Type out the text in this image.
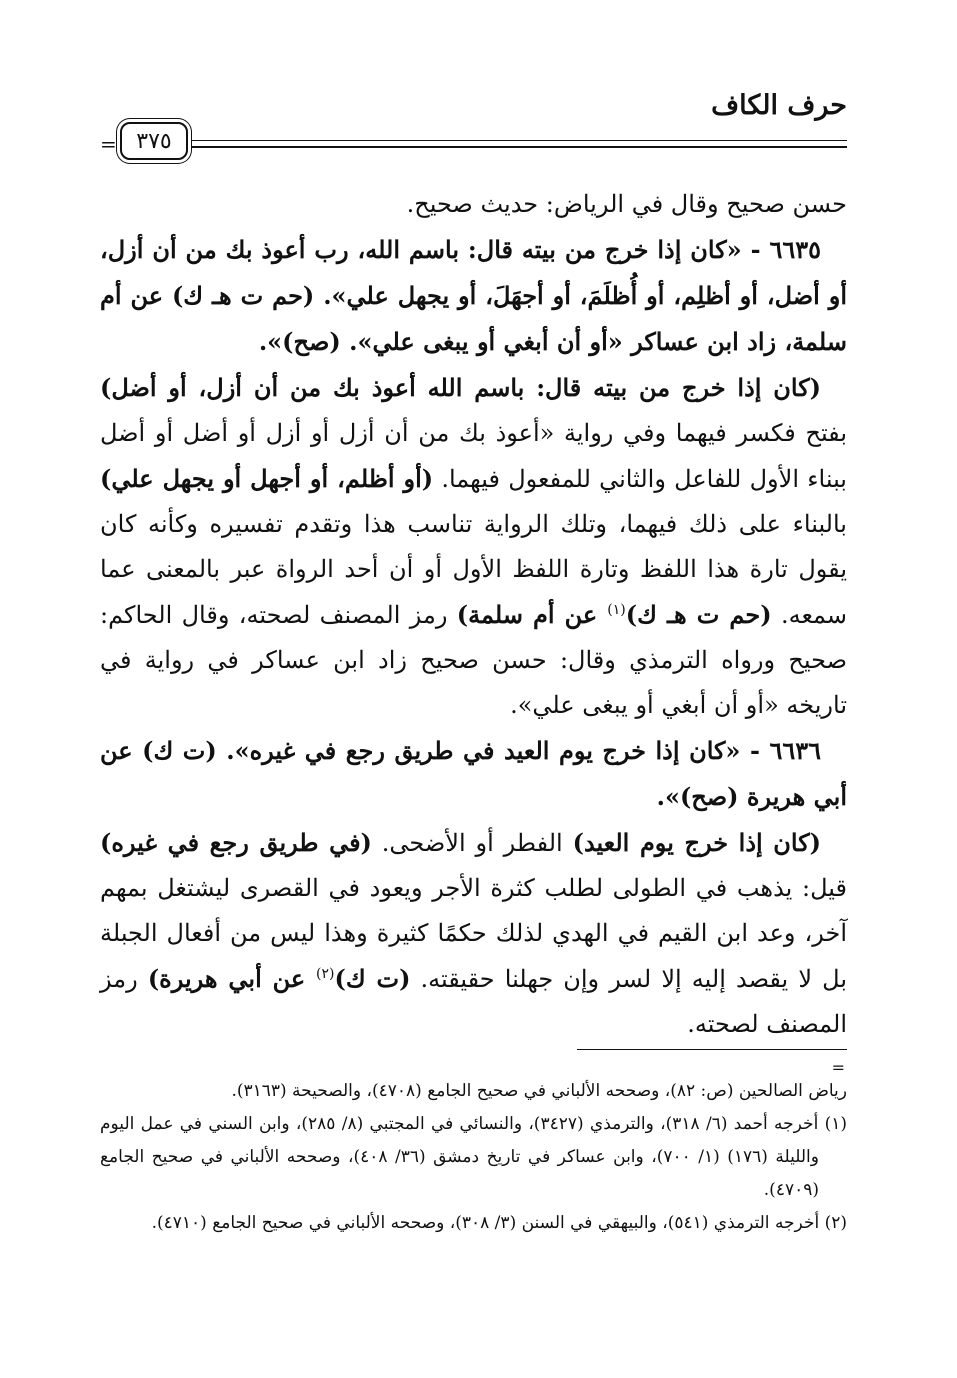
حرف الكاف
= ٣٧٥

حسن صحيح وقال في الرياض: حديث صحيح.

٦٦٣٥ - «كان إذا خرج من بيته قال: باسم الله، رب أعوذ بك من أن أزل، أو أضل، أو أظلِم، أو أُظلَمَ، أو أجهَلَ، أو يجهل علي». (حم ت هـ ك) عن أم سلمة، زاد ابن عساكر «أو أن أبغي أو يبغى علي». (صح)».

(كان إذا خرج من بيته قال: باسم الله أعوذ بك من أن أزل، أو أضل) بفتح فكسر فيهما وفي رواية «أعوذ بك من أن أزل أو أزل أو أضل أو أضل ببناء الأول للفاعل والثاني للمفعول فيهما. (أو أظلم، أو أجهل أو يجهل علي) بالبناء على ذلك فيهما، وتلك الرواية تناسب هذا وتقدم تفسيره وكأنه كان يقول تارة هذا اللفظ وتارة اللفظ الأول أو أن أحد الرواة عبر بالمعنى عما سمعه. (حم ت هـ ك)$^{(١)}$ عن أم سلمة) رمز المصنف لصحته، وقال الحاكم: صحيح ورواه الترمذي وقال: حسن صحيح زاد ابن عساكر في رواية في تاريخه «أو أن أبغي أو يبغى علي».

٦٦٣٦ - «كان إذا خرج يوم العيد في طريق رجع في غيره». (ت ك) عن أبي هريرة (صح)».

(كان إذا خرج يوم العيد) الفطر أو الأضحى. (في طريق رجع في غيره) قيل: يذهب في الطولى لطلب كثرة الأجر ويعود في القصرى ليشتغل بمهم آخر، وعد ابن القيم في الهدي لذلك حكمًا كثيرة وهذا ليس من أفعال الجبلة بل لا يقصد إليه إلا لسر وإن جهلنا حقيقته. (ت ك)$^{(٢)}$ عن أبي هريرة) رمز المصنف لصحته.

=

رياض الصالحين (ص: ٨٢)، وصححه الألباني في صحيح الجامع (٤٧٠٨)، والصحيحة (٣١٦٣).

(١) أخرجه أحمد (٦/ ٣١٨)، والترمذي (٣٤٢٧)، والنسائي في المجتبي (٨/ ٢٨٥)، وابن السني في عمل اليوم والليلة (١٧٦) (١/ ٧٠٠)، وابن عساكر في تاريخ دمشق (٣٦/ ٤٠٨)، وصححه الألباني في صحيح الجامع (٤٧٠٩).

(٢) أخرجه الترمذي (٥٤١)، والبيهقي في السنن (٣/ ٣٠٨)، وصححه الألباني في صحيح الجامع (٤٧١٠).
